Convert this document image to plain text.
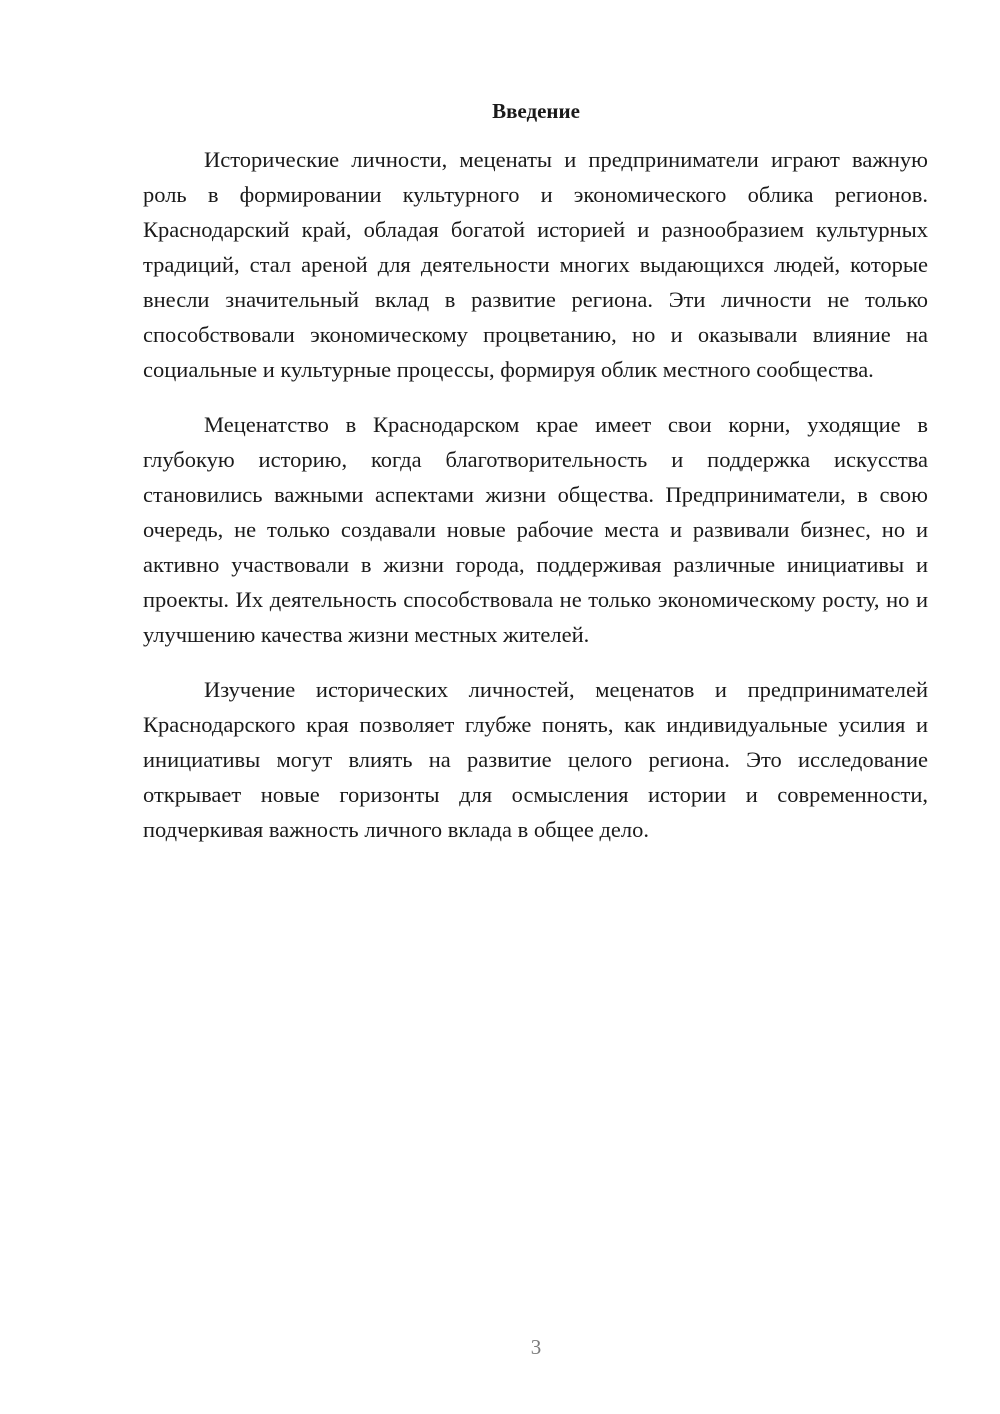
Введение

Исторические личности, меценаты и предприниматели играют важную роль в формировании культурного и экономического облика регионов. Краснодарский край, обладая богатой историей и разнообразием культурных традиций, стал ареной для деятельности многих выдающихся людей, которые внесли значительный вклад в развитие региона. Эти личности не только способствовали экономическому процветанию, но и оказывали влияние на социальные и культурные процессы, формируя облик местного сообщества.

Меценатство в Краснодарском крае имеет свои корни, уходящие в глубокую историю, когда благотворительность и поддержка искусства становились важными аспектами жизни общества. Предприниматели, в свою очередь, не только создавали новые рабочие места и развивали бизнес, но и активно участвовали в жизни города, поддерживая различные инициативы и проекты. Их деятельность способствовала не только экономическому росту, но и улучшению качества жизни местных жителей.

Изучение исторических личностей, меценатов и предпринимателей Краснодарского края позволяет глубже понять, как индивидуальные усилия и инициативы могут влиять на развитие целого региона. Это исследование открывает новые горизонты для осмысления истории и современности, подчеркивая важность личного вклада в общее дело.

3
